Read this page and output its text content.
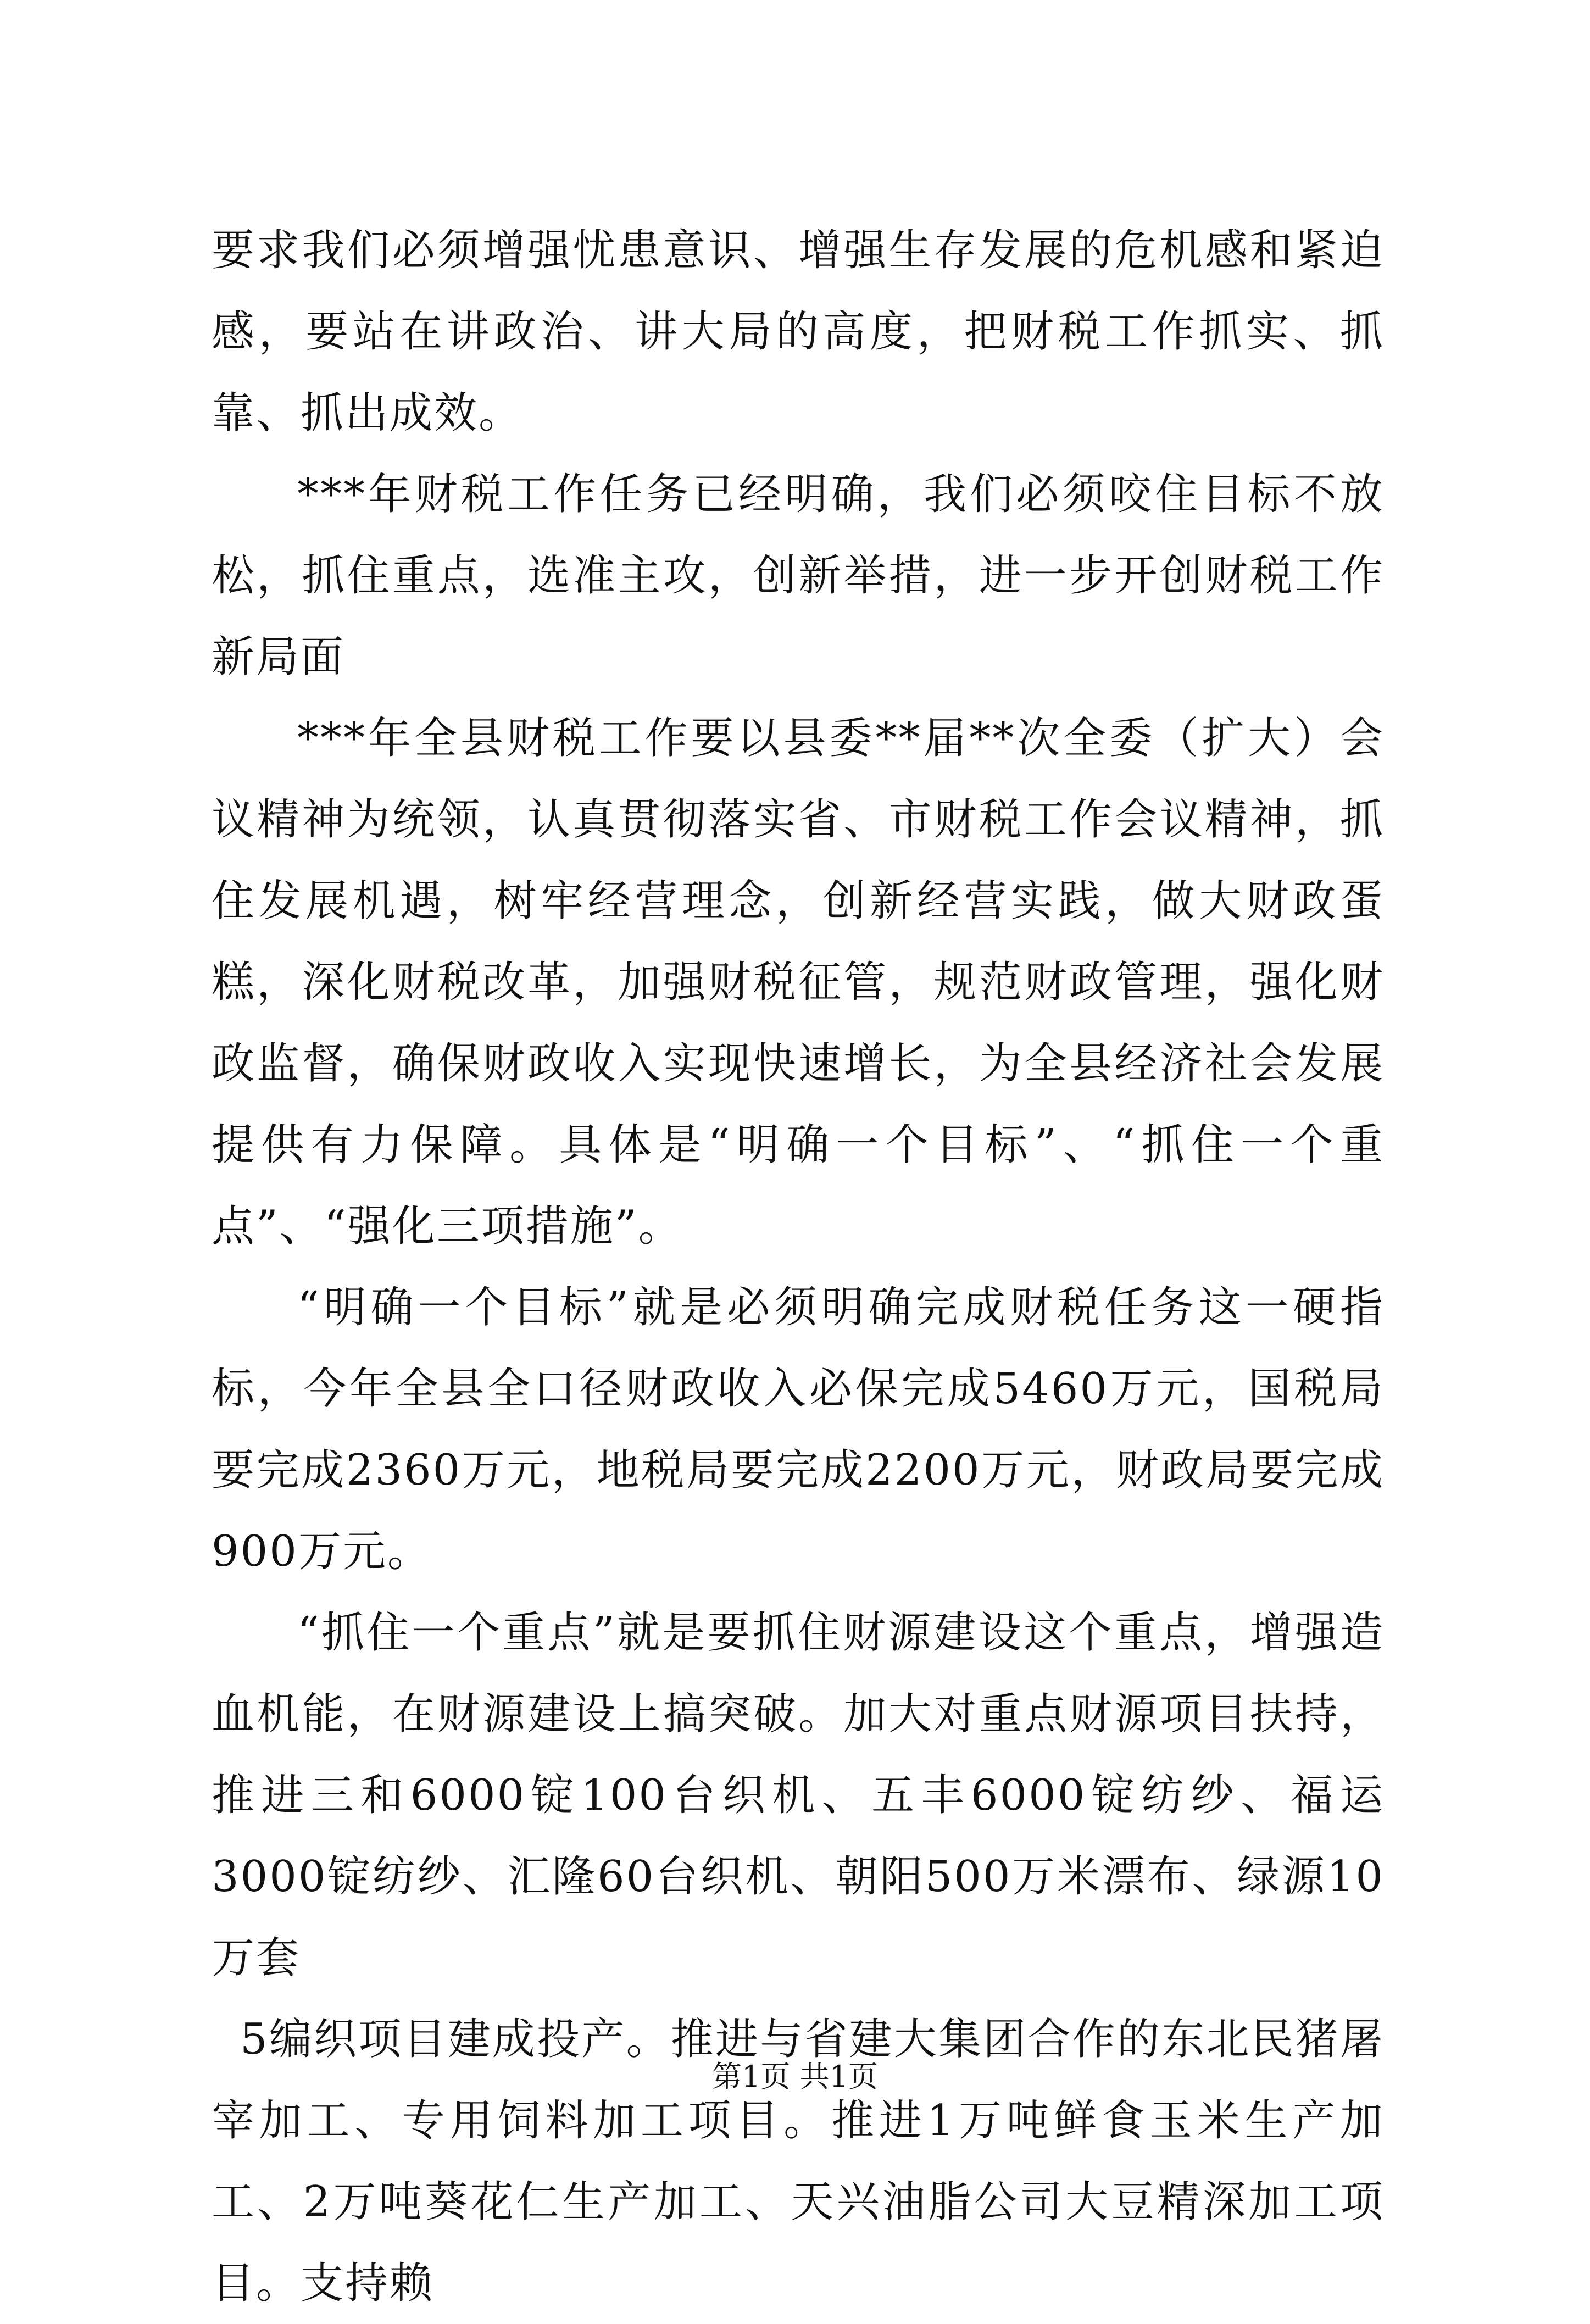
要求我们必须增强忧患意识、增强生存发展的危机感和紧迫感，要站在讲政治、讲大局的高度，把财税工作抓实、抓靠、抓出成效。

***年财税工作任务已经明确，我们必须咬住目标不放松，抓住重点，选准主攻，创新举措，进一步开创财税工作新局面

***年全县财税工作要以县委**届**次全委（扩大）会议精神为统领，认真贯彻落实省、市财税工作会议精神，抓住发展机遇，树牢经营理念，创新经营实践，做大财政蛋糕，深化财税改革，加强财税征管，规范财政管理，强化财政监督，确保财政收入实现快速增长，为全县经济社会发展提供有力保障。具体是“明确一个目标”、“抓住一个重点”、“强化三项措施”。

“明确一个目标”就是必须明确完成财税任务这一硬指标，今年全县全口径财政收入必保完成5460万元，国税局要完成2360万元，地税局要完成2200万元，财政局要完成900万元。

“抓住一个重点”就是要抓住财源建设这个重点，增强造血机能，在财源建设上搞突破。加大对重点财源项目扶持，推进三和6000锭100台织机、五丰6000锭纺纱、福运3000锭纺纱、汇隆60台织机、朝阳500万米漂布、绿源10万套

5编织项目建成投产。推进与省建大集团合作的东北民猪屠宰加工、专用饲料加工项目。推进1万吨鲜食玉米生产加工、2万吨葵花仁生产加工、天兴油脂公司大豆精深加工项目。支持赖

第1页 共1页
